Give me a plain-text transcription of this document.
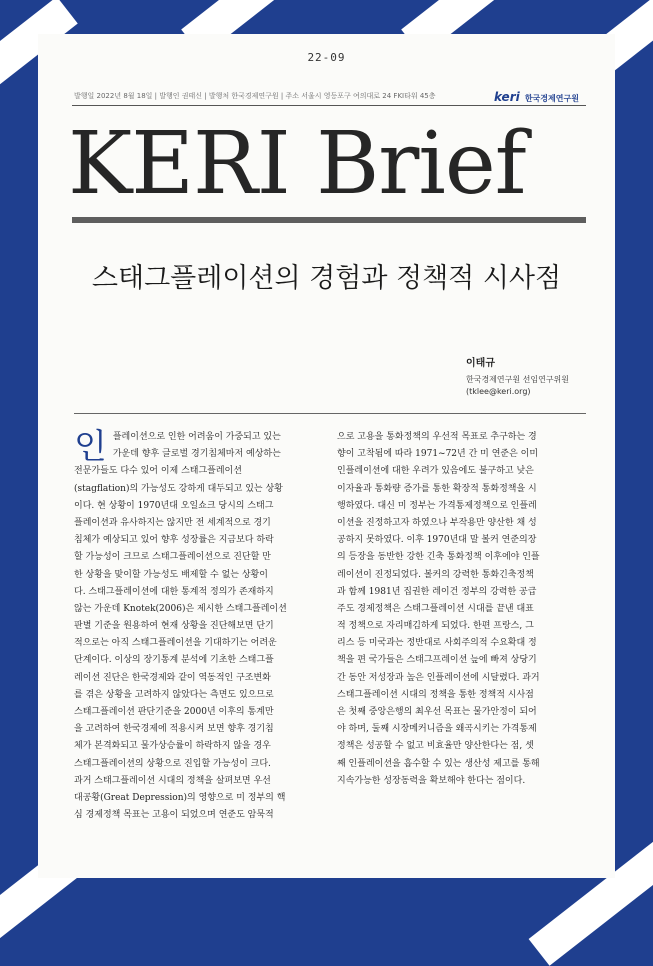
22-09
발행일 2022년 8월 18일 | 발행인 권태신 | 발행처 한국경제연구원 | 주소 서울시 영등포구 여의대로 24 FKI타워 45층	keri 한국경제연구원
KERI Brief
스태그플레이션의 경험과 정책적 시사점
이태규
한국경제연구원 선임연구위원
(tklee@keri.org)
인 플레이션으로 인한 어려움이 가중되고 있는
가운데 향후 글로벌 경기침체마저 예상하는
전문가들도 다수 있어 이제 스태그플레이션
(stagflation)의 가능성도 강하게 대두되고 있는 상황
이다. 현 상황이 1970년대 오일쇼크 당시의 스태그
플레이션과 유사하지는 않지만 전 세계적으로 경기
침체가 예상되고 있어 향후 성장률은 지금보다 하락
할 가능성이 크므로 스태그플레이션으로 진단할 만
한 상황을 맞이할 가능성도 배제할 수 없는 상황이
다. 스태그플레이션에 대한 통계적 정의가 존재하지
않는 가운데 Knotek(2006)은 제시한 스태그플레이션
판별 기준을 원용하여 현재 상황을 진단해보면 단기
적으로는 아직 스태그플레이션을 기대하기는 어려운
단계이다. 이상의 장기통계 분석에 기초한 스태그플
레이션 진단은 한국경제와 같이 역동적인 구조변화
를 겪은 상황을 고려하지 않았다는 측면도 있으므로
스태그플레이션 판단기준을 2000년 이후의 통계만
을 고려하여 한국경제에 적용시켜 보면 향후 경기침
체가 본격화되고 물가상승률이 하락하지 않을 경우
스태그플레이션의 상황으로 진입할 가능성이 크다.
과거 스태그플레이션 시대의 정책을 살펴보면 우선
대공황(Great Depression)의 영향으로 미 정부의 핵
심 경제정책 목표는 고용이 되었으며 연준도 암묵적
으로 고용을 통화정책의 우선적 목표로 추구하는 경
향이 고착됨에 따라 1971~72년 간 미 연준은 이미
인플레이션에 대한 우려가 있음에도 불구하고 낮은
이자율과 통화량 증가를 통한 확장적 통화정책을 시
행하였다. 대신 미 정부는 가격통제정책으로 인플레
이션을 진정하고자 하였으나 부작용만 양산한 채 성
공하지 못하였다. 이후 1970년대 말 볼커 연준의장
의 등장을 동반한 강한 긴축 통화정책 이후에야 인플
레이션이 진정되었다. 볼커의 강력한 통화긴축정책
과 함께 1981년 집권한 레이건 정부의 강력한 공급
주도 경제정책은 스태그플레이션 시대를 끝낸 대표
적 정책으로 자리매김하게 되었다. 한편 프랑스, 그
리스 등 미국과는 정반대로 사회주의적 수요확대 정
책을 편 국가들은 스태그프레이션 늪에 빠져 상당기
간 동안 저성장과 높은 인플레이션에 시달렸다. 과거
스태그플레이션 시대의 정책을 통한 정책적 시사점
은 첫째 중앙은행의 최우선 목표는 물가안정이 되어
야 하며, 둘째 시장메커니즘을 왜곡시키는 가격통제
정책은 성공할 수 없고 비효율만 양산한다는 점, 셋
째 인플레이션을 흡수할 수 있는 생산성 제고를 통해
지속가능한 성장동력을 확보해야 한다는 점이다.
